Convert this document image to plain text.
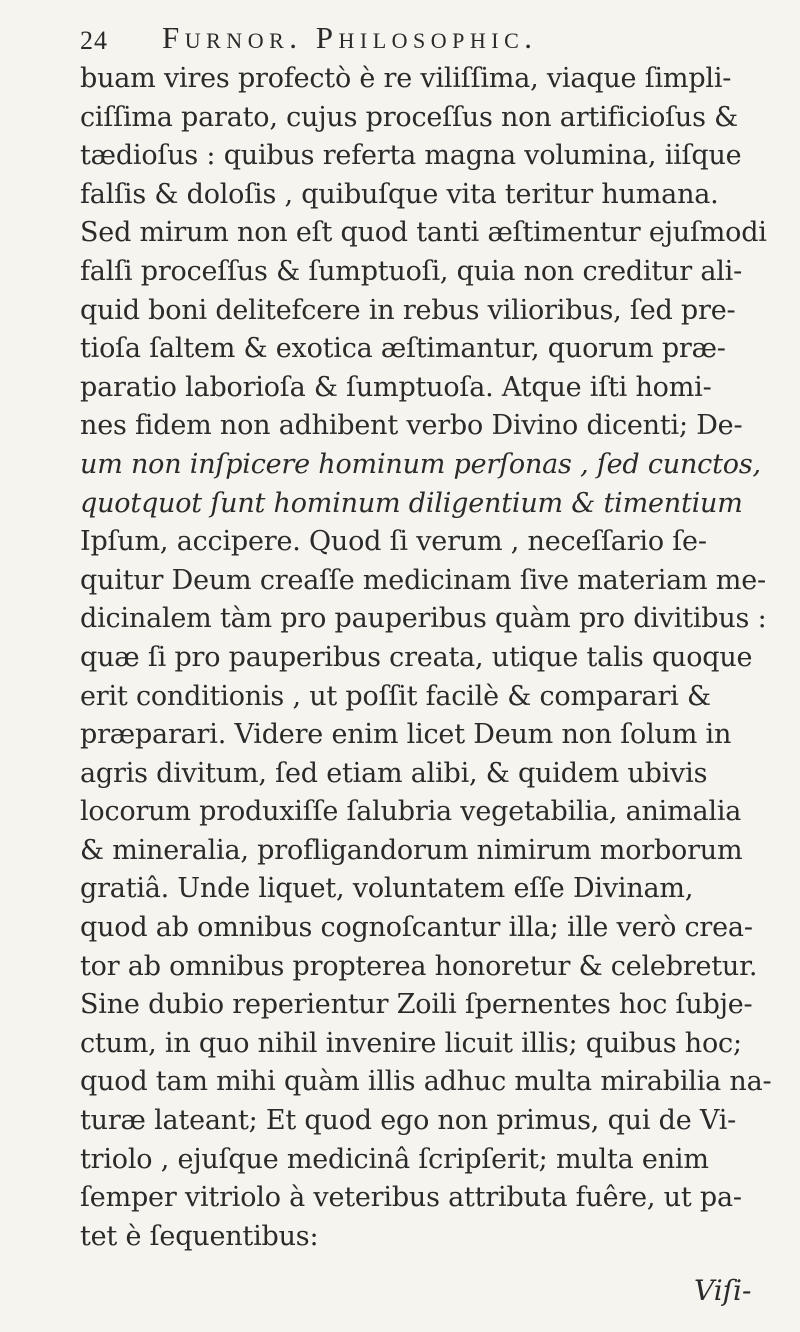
24 Furnor. Philosophic.
buam vires profectò è re viliſſima, viaque ſimpli-
ciſſima parato, cujus proceſſus non artificioſus &
tædioſus : quibus referta magna volumina, iiſque
falſis & doloſis , quibuſque vita teritur humana.
Sed mirum non eſt quod tanti æſtimentur ejuſmodi
falſi proceſſus & ſumptuoſi, quia non creditur ali-
quid boni delitefcere in rebus vilioribus, ſed pre-
tioſa ſaltem & exotica æſtimantur, quorum præ-
paratio laborioſa & ſumptuoſa. Atque iſti homi-
nes fidem non adhibent verbo Divino dicenti; De-
um non inſpicere hominum perſonas , ſed cunctos,
quotquot ſunt hominum diligentium & timentium
Ipſum, accipere. Quod ſi verum , neceſſario ſe-
quitur Deum creaſſe medicinam ſive materiam me-
dicinalem tàm pro pauperibus quàm pro divitibus :
quæ ſi pro pauperibus creata, utique talis quoque
erit conditionis , ut poſſit facilè & comparari &
præparari. Videre enim licet Deum non ſolum in
agris divitum, ſed etiam alibi, & quidem ubivis
locorum produxiſſe ſalubria vegetabilia, animalia
& mineralia, profligandorum nimirum morborum
gratiâ. Unde liquet, voluntatem eſſe Divinam,
quod ab omnibus cognoſcantur illa; ille verò crea-
tor ab omnibus propterea honoretur & celebretur.
Sine dubio reperientur Zoili ſpernentes hoc ſubje-
ctum, in quo nihil invenire licuit illis; quibus hoc;
quod tam mihi quàm illis adhuc multa mirabilia na-
turæ lateant; Et quod ego non primus, qui de Vi-
triolo , ejuſque medicinâ ſcripſerit; multa enim
ſemper vitriolo à veteribus attributa fuêre, ut pa-
tet è ſequentibus:
Viſi-
